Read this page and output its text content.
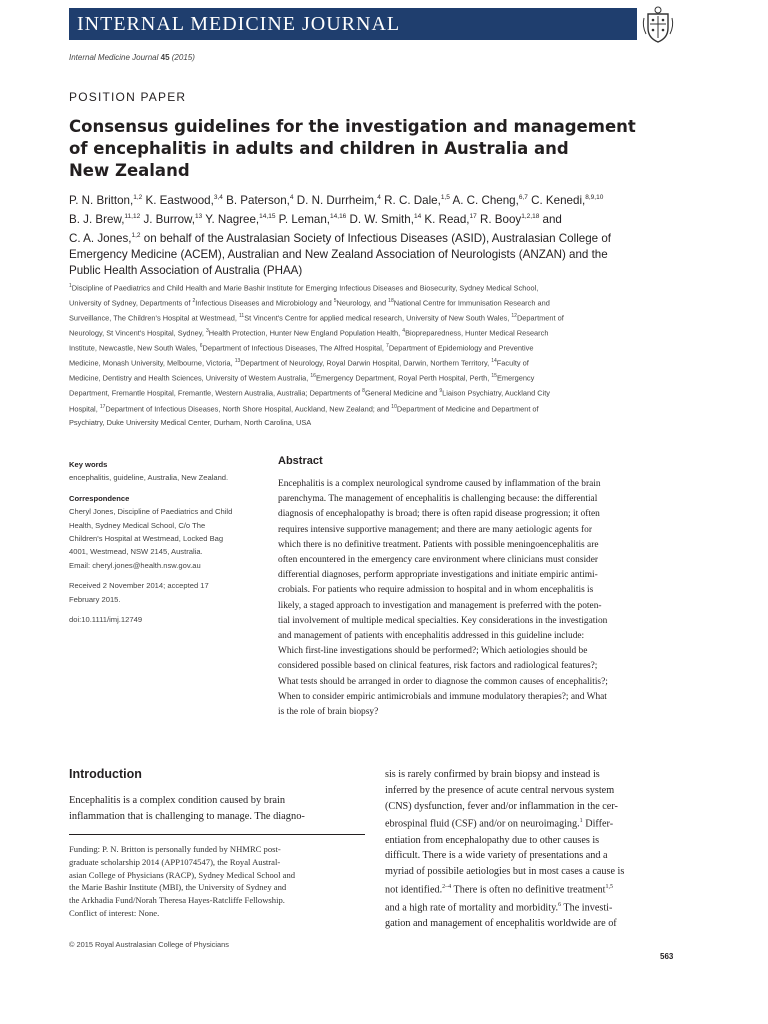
INTERNAL MEDICINE JOURNAL
Internal Medicine Journal 45 (2015)
POSITION PAPER
Consensus guidelines for the investigation and management
of encephalitis in adults and children in Australia and
New Zealand

P. N. Britton,$^{1,2}$ K. Eastwood,$^{3,4}$ B. Paterson,$^4$ D. N. Durrheim,$^4$ R. C. Dale,$^{1,5}$ A. C. Cheng,$^{6,7}$ C. Kenedi,$^{8,9,10}$

B. J. Brew,$^{11,12}$ J. Burrow,$^{13}$ Y. Nagree,$^{14,15}$ P. Leman,$^{14,16}$ D. W. Smith,$^{14}$ K. Read,$^{17}$ R. Booy$^{1,2,18}$ and

C. A. Jones,$^{1,2}$ on behalf of the Australasian Society of Infectious Diseases (ASID), Australasian College of

Emergency Medicine (ACEM), Australian and New Zealand Association of Neurologists (ANZAN) and the

Public Health Association of Australia (PHAA)

$^1$Discipline of Paediatrics and Child Health and Marie Bashir Institute for Emerging Infectious Diseases and Biosecurity, Sydney Medical School,

University of Sydney, Departments of $^2$Infectious Diseases and Microbiology and $^5$Neurology, and $^{18}$National Centre for Immunisation Research and

Surveillance, The Children's Hospital at Westmead, $^{11}$St Vincent's Centre for applied medical research, University of New South Wales, $^{12}$Department of

Neurology, St Vincent's Hospital, Sydney, $^3$Health Protection, Hunter New England Population Health, $^4$Biopreparedness, Hunter Medical Research

Institute, Newcastle, New South Wales, $^6$Department of Infectious Diseases, The Alfred Hospital, $^7$Department of Epidemiology and Preventive

Medicine, Monash University, Melbourne, Victoria, $^{13}$Department of Neurology, Royal Darwin Hospital, Darwin, Northern Territory, $^{14}$Faculty of

Medicine, Dentistry and Health Sciences, University of Western Australia, $^{16}$Emergency Department, Royal Perth Hospital, Perth, $^{15}$Emergency

Department, Fremantle Hospital, Fremantle, Western Australia, Australia; Departments of $^8$General Medicine and $^9$Liaison Psychiatry, Auckland City

Hospital, $^{17}$Department of Infectious Diseases, North Shore Hospital, Auckland, New Zealand; and $^{10}$Department of Medicine and Department of

Psychiatry, Duke University Medical Center, Durham, North Carolina, USA

Key words
encephalitis, guideline, Australia, New Zealand.
Correspondence
Cheryl Jones, Discipline of Paediatrics and Child
Health, Sydney Medical School, C/o The
Children's Hospital at Westmead, Locked Bag
4001, Westmead, NSW 2145, Australia.
Email: cheryl.jones@health.nsw.gov.au
Received 2 November 2014; accepted 17
February 2015.
doi:10.1111/imj.12749
Abstract

Encephalitis is a complex neurological syndrome caused by inflammation of the brain

parenchyma. The management of encephalitis is challenging because: the differential

diagnosis of encephalopathy is broad; there is often rapid disease progression; it often

requires intensive supportive management; and there are many aetiologic agents for

which there is no definitive treatment. Patients with possible meningoencephalitis are

often encountered in the emergency care environment where clinicians must consider

differential diagnoses, perform appropriate investigations and initiate empiric antimi-

crobials. For patients who require admission to hospital and in whom encephalitis is

likely, a staged approach to investigation and management is preferred with the poten-

tial involvement of multiple medical specialties. Key considerations in the investigation

and management of patients with encephalitis addressed in this guideline include:

Which first-line investigations should be performed?; Which aetiologies should be

considered possible based on clinical features, risk factors and radiological features?;

What tests should be arranged in order to diagnose the common causes of encephalitis?;

When to consider empiric antimicrobials and immune modulatory therapies?; and What

is the role of brain biopsy?

Introduction

Encephalitis is a complex condition caused by brain

inflammation that is challenging to manage. The diagno-

Funding: P. N. Britton is personally funded by NHMRC post-

graduate scholarship 2014 (APP1074547), the Royal Austral-

asian College of Physicians (RACP), Sydney Medical School and

the Marie Bashir Institute (MBI), the University of Sydney and

the Arkhadia Fund/Norah Theresa Hayes-Ratcliffe Fellowship.

Conflict of interest: None.

sis is rarely confirmed by brain biopsy and instead is

inferred by the presence of acute central nervous system

(CNS) dysfunction, fever and/or inflammation in the cer-

ebrospinal fluid (CSF) and/or on neuroimaging.$^1$ Differ-

entiation from encephalopathy due to other causes is

difficult. There is a wide variety of presentations and a

myriad of possibile aetiologies but in most cases a cause is

not identified.$^{2-4}$ There is often no definitive treatment$^{1,5}$

and a high rate of mortality and morbidity.$^6$ The investi-

gation and management of encephalitis worldwide are of

© 2015 Royal Australasian College of Physicians
563
